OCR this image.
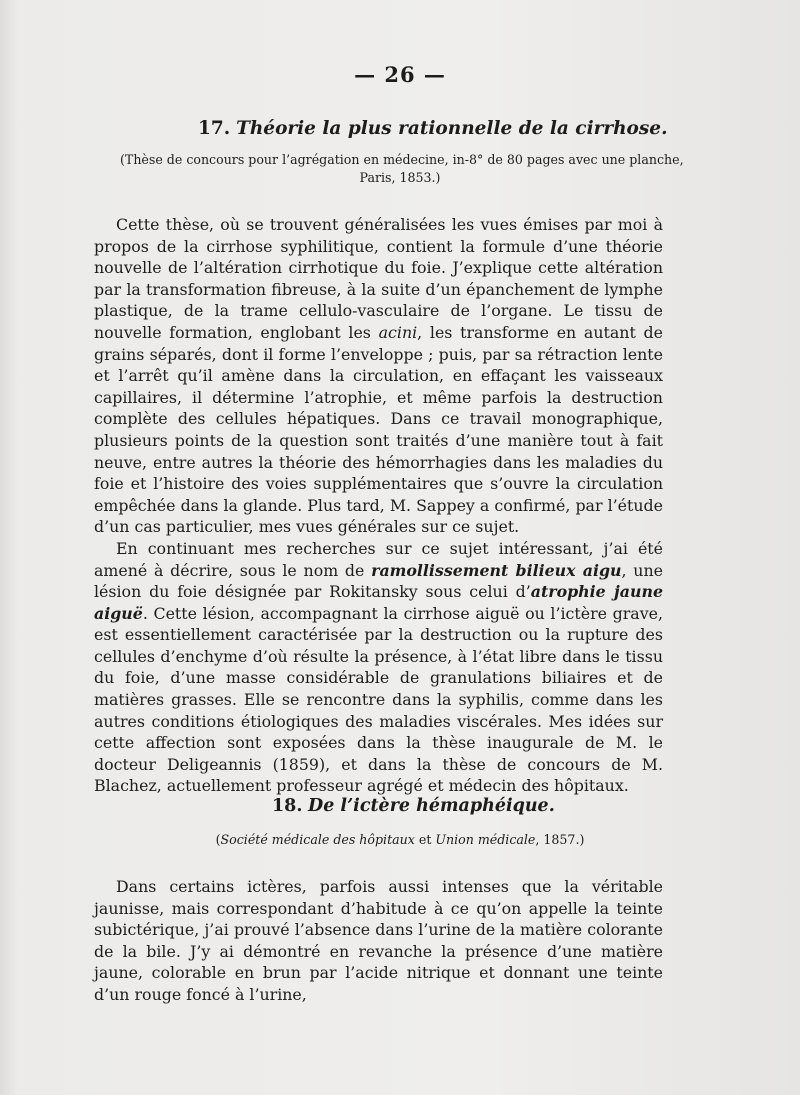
— 26 —
17. Théorie la plus rationnelle de la cirrhose.
(Thèse de concours pour l’agrégation en médecine, in-8° de 80 pages avec une planche,
Paris, 1853.)

Cette thèse, où se trouvent généralisées les vues émises par moi à propos de la cirrhose syphilitique, contient la formule d’une théorie nouvelle de l’altération cirrhotique du foie. J’explique cette altération par la transformation fibreuse, à la suite d’un épanchement de lymphe plastique, de la trame cellulo-vasculaire de l’organe. Le tissu de nouvelle formation, englobant les acini, les transforme en autant de grains séparés, dont il forme l’enveloppe ; puis, par sa rétraction lente et l’arrêt qu’il amène dans la circulation, en effaçant les vaisseaux capillaires, il détermine l’atrophie, et même parfois la destruction complète des cellules hépatiques. Dans ce travail monographique, plusieurs points de la question sont traités d’une manière tout à fait neuve, entre autres la théorie des hémorrhagies dans les maladies du foie et l’histoire des voies supplémentaires que s’ouvre la circulation empêchée dans la glande. Plus tard, M. Sappey a confirmé, par l’étude d’un cas particulier, mes vues générales sur ce sujet.

En continuant mes recherches sur ce sujet intéressant, j’ai été amené à décrire, sous le nom de ramollissement bilieux aigu, une lésion du foie désignée par Rokitansky sous celui d’atrophie jaune aiguë. Cette lésion, accompagnant la cirrhose aiguë ou l’ictère grave, est essentiellement caractérisée par la destruction ou la rupture des cellules d’enchyme d’où résulte la présence, à l’état libre dans le tissu du foie, d’une masse considérable de granulations biliaires et de matières grasses. Elle se rencontre dans la syphilis, comme dans les autres conditions étiologiques des maladies viscérales. Mes idées sur cette affection sont exposées dans la thèse inaugurale de M. le docteur Deligeannis (1859), et dans la thèse de concours de M. Blachez, actuellement professeur agrégé et médecin des hôpitaux.

18. De l’ictère hémaphéique.
(Société médicale des hôpitaux et Union médicale, 1857.)

Dans certains ictères, parfois aussi intenses que la véritable jaunisse, mais correspondant d’habitude à ce qu’on appelle la teinte subictérique, j’ai prouvé l’absence dans l’urine de la matière colorante de la bile. J’y ai démontré en revanche la présence d’une matière jaune, colorable en brun par l’acide nitrique et donnant une teinte d’un rouge foncé à l’urine,
